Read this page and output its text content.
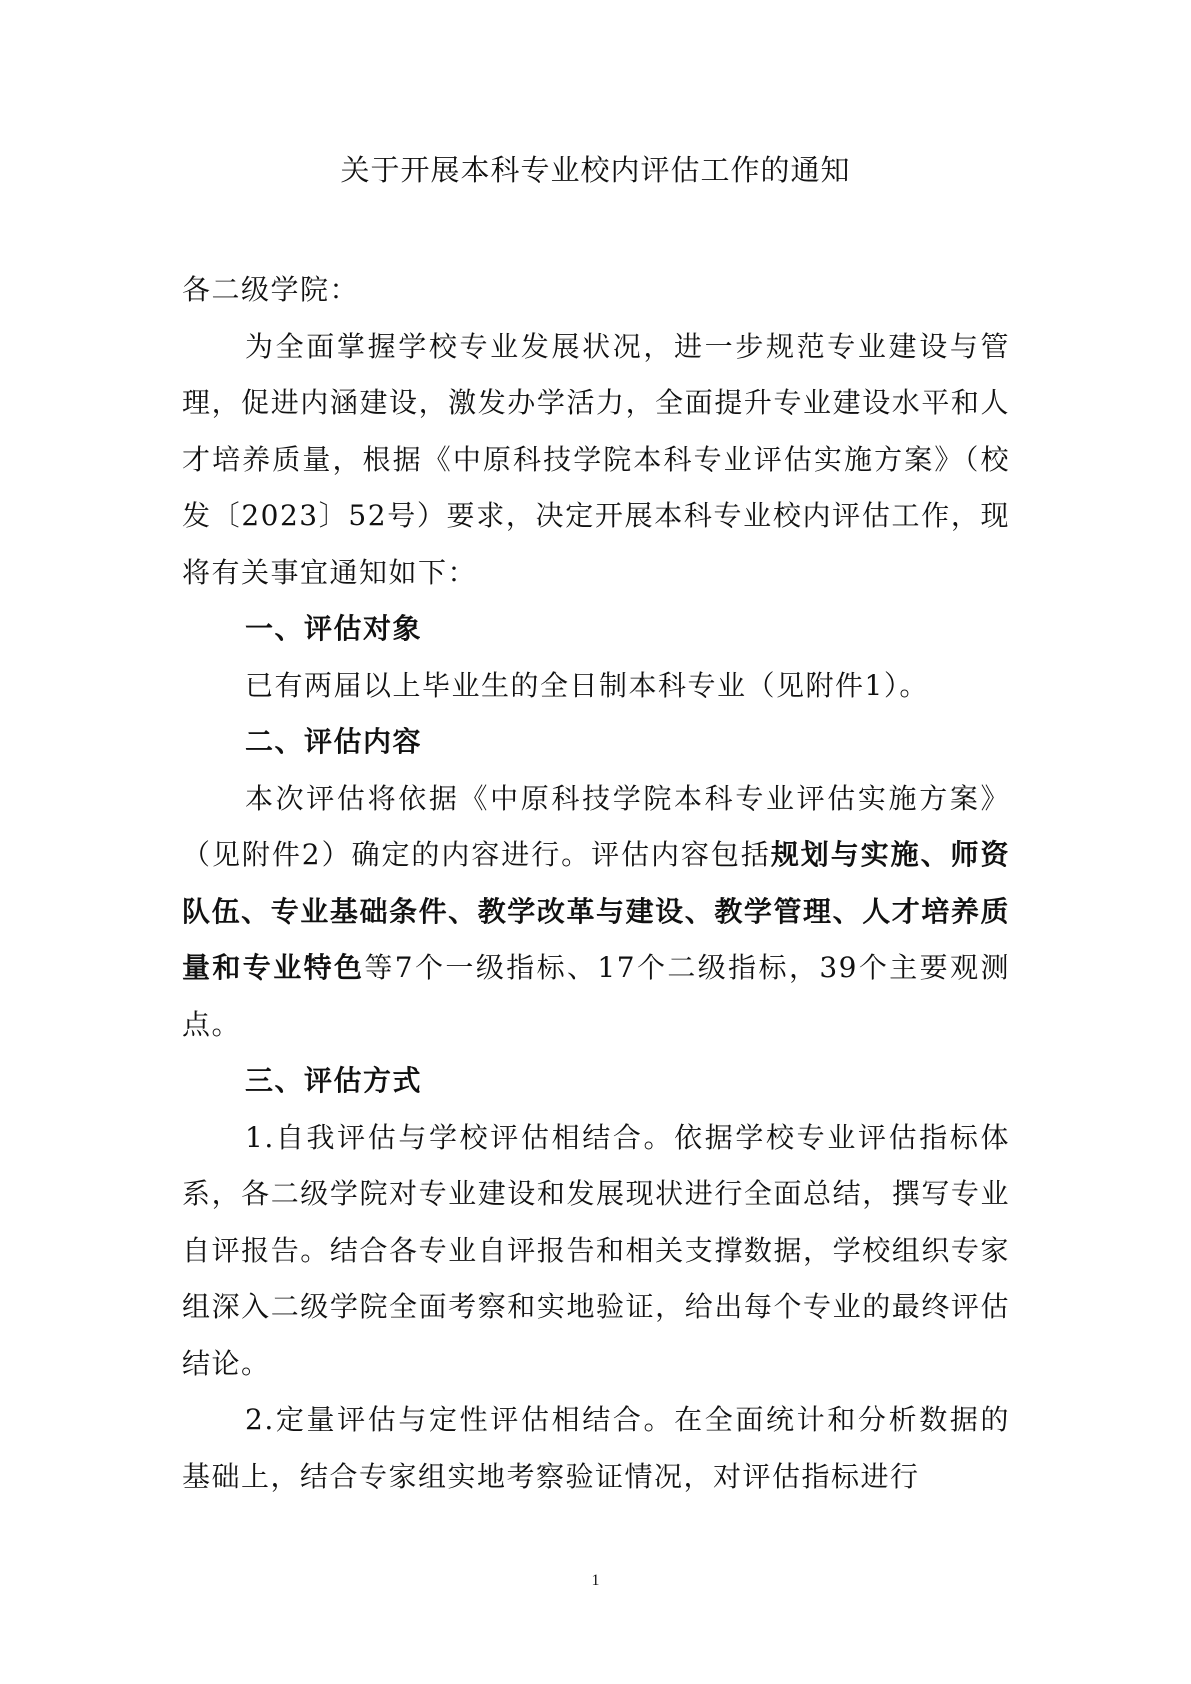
关于开展本科专业校内评估工作的通知

各二级学院：

为全面掌握学校专业发展状况，进一步规范专业建设与管理，促进内涵建设，激发办学活力，全面提升专业建设水平和人才培养质量，根据《中原科技学院本科专业评估实施方案》（校发〔2023〕52号）要求，决定开展本科专业校内评估工作，现将有关事宜通知如下：

一、评估对象

已有两届以上毕业生的全日制本科专业（见附件1）。

二、评估内容

本次评估将依据《中原科技学院本科专业评估实施方案》（见附件2）确定的内容进行。评估内容包括规划与实施、师资队伍、专业基础条件、教学改革与建设、教学管理、人才培养质量和专业特色等7个一级指标、17个二级指标，39个主要观测点。

三、评估方式

1.自我评估与学校评估相结合。依据学校专业评估指标体系，各二级学院对专业建设和发展现状进行全面总结，撰写专业自评报告。结合各专业自评报告和相关支撑数据，学校组织专家组深入二级学院全面考察和实地验证，给出每个专业的最终评估结论。

2.定量评估与定性评估相结合。在全面统计和分析数据的基础上，结合专家组实地考察验证情况，对评估指标进行

1
